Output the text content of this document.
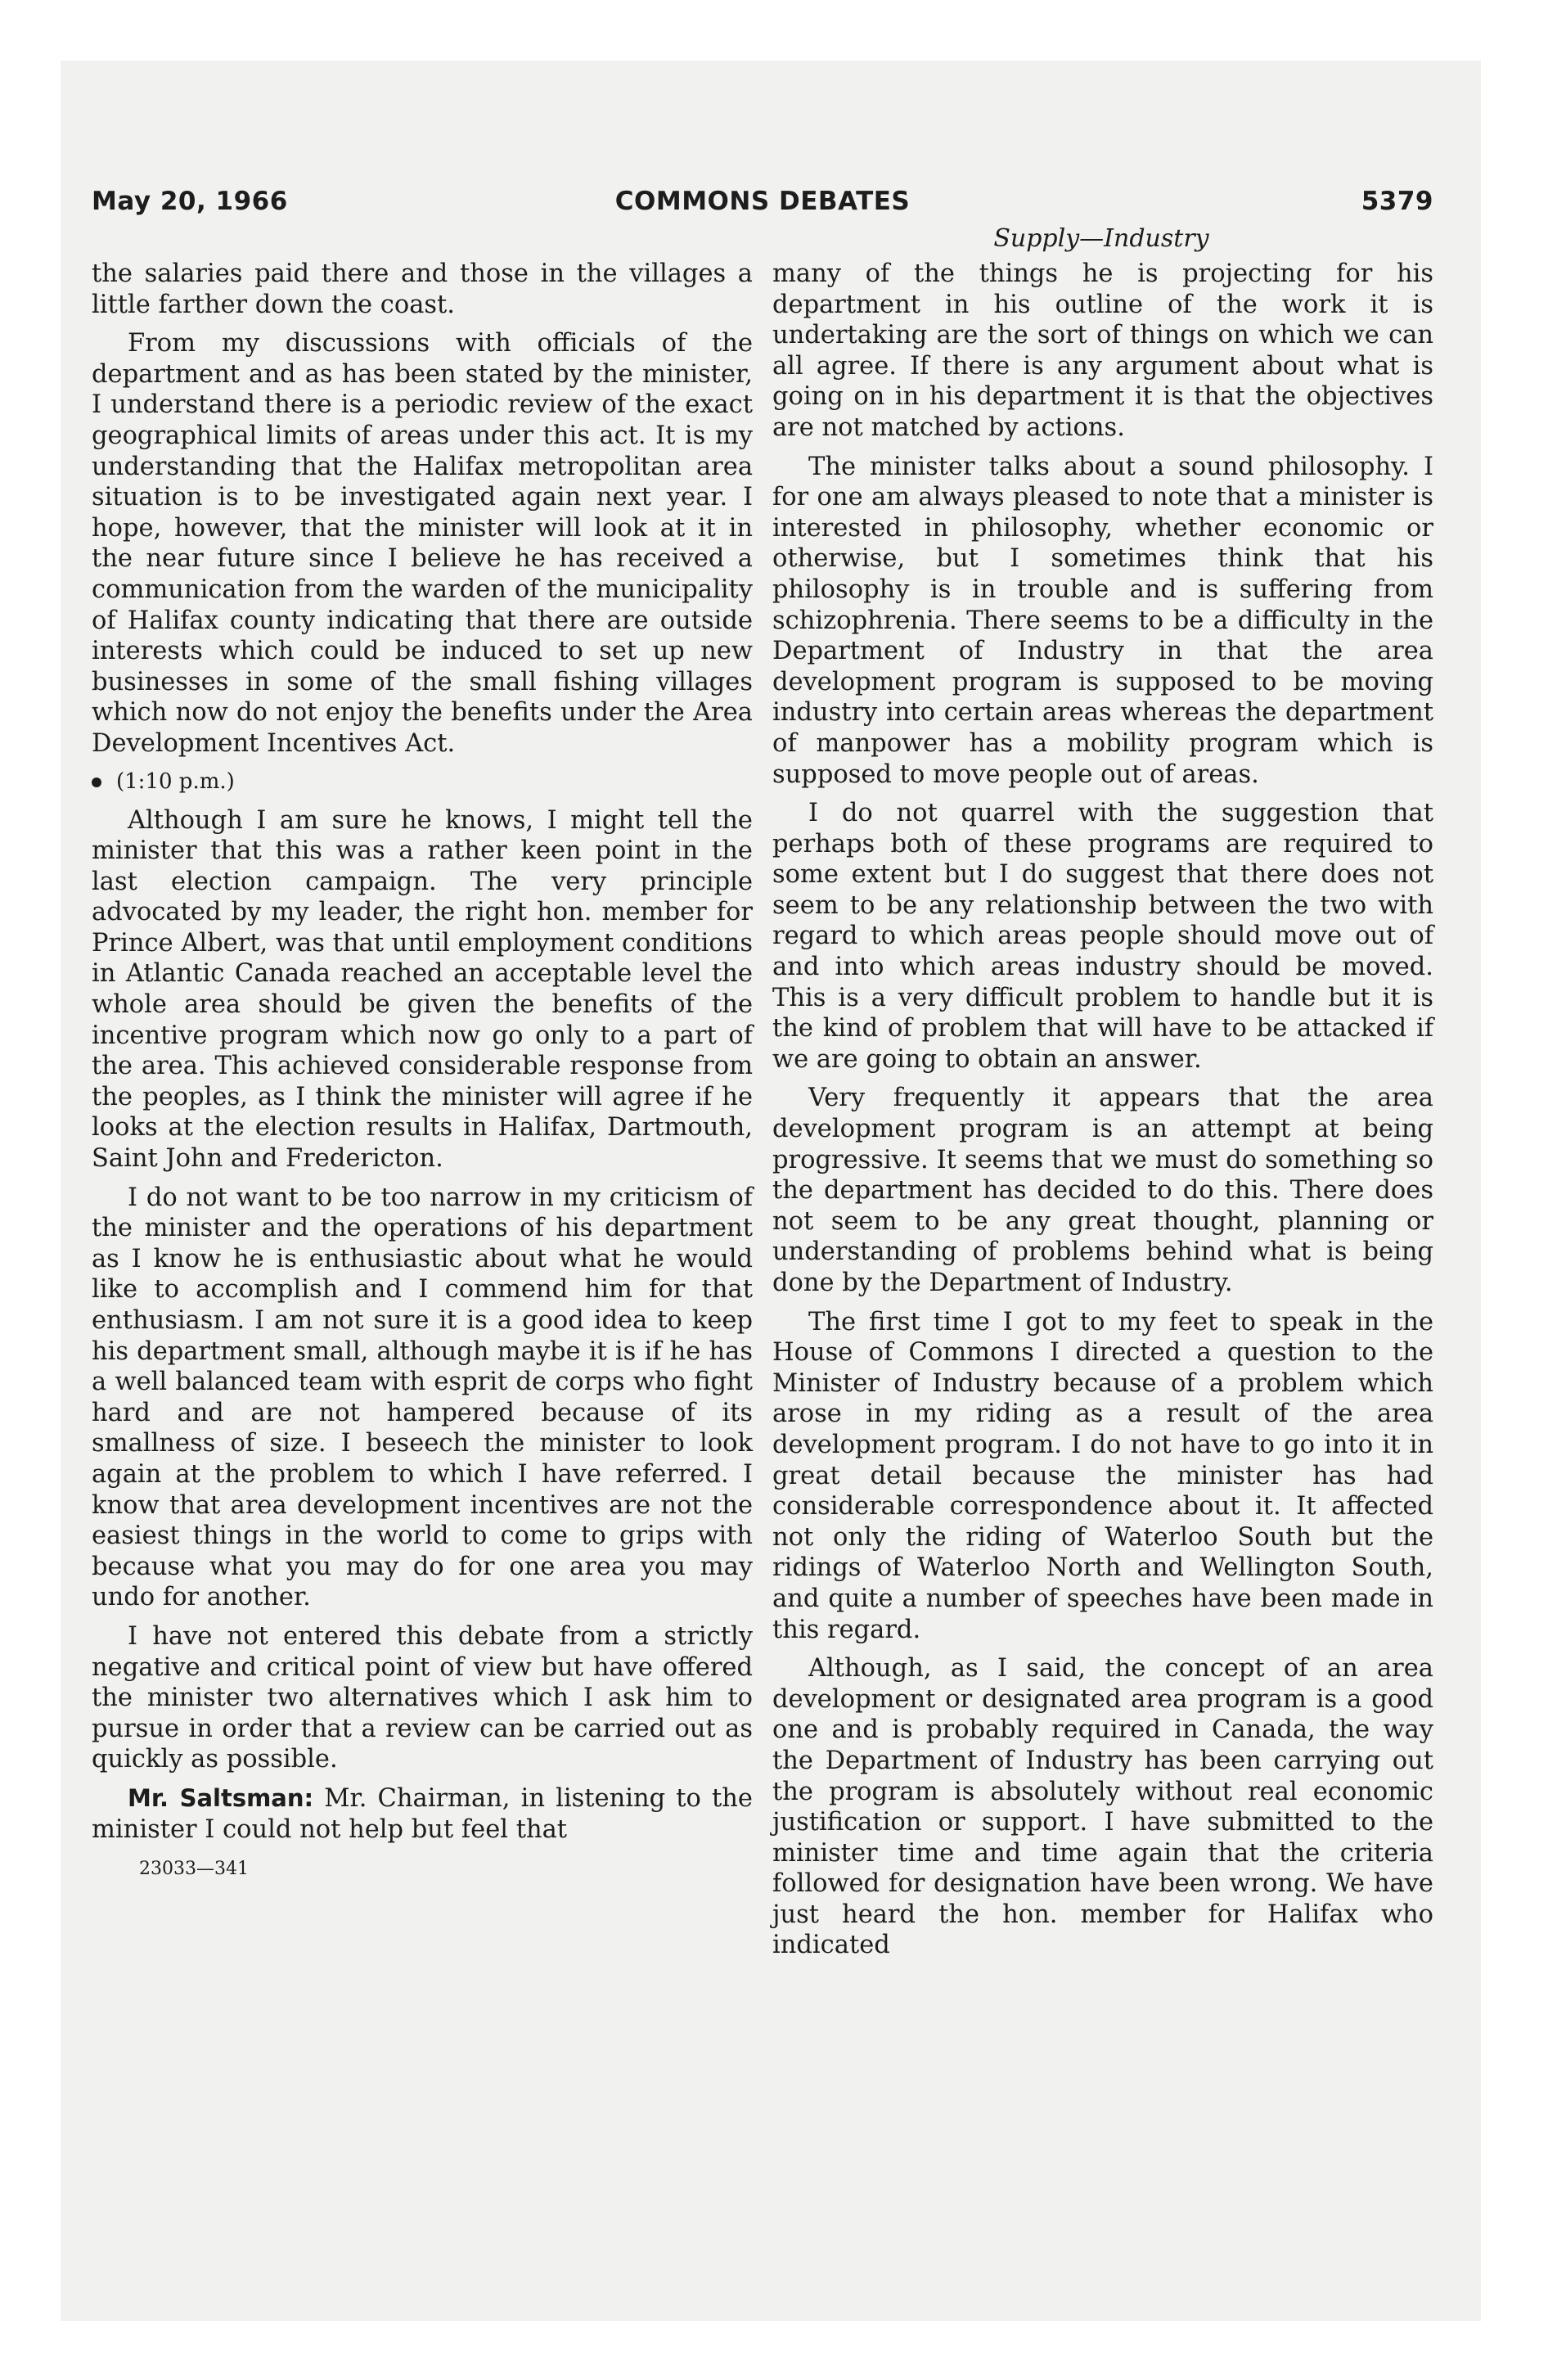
May 20, 1966	COMMONS DEBATES	5379
Supply—Industry

the salaries paid there and those in the villages a little farther down the coast.

From my discussions with officials of the department and as has been stated by the minister, I understand there is a periodic review of the exact geographical limits of areas under this act. It is my understanding that the Halifax metropolitan area situation is to be investigated again next year. I hope, however, that the minister will look at it in the near future since I believe he has received a communication from the warden of the municipality of Halifax county indicating that there are outside interests which could be induced to set up new businesses in some of the small fishing villages which now do not enjoy the benefits under the Area Development Incentives Act.

(1:10 p.m.)

Although I am sure he knows, I might tell the minister that this was a rather keen point in the last election campaign. The very principle advocated by my leader, the right hon. member for Prince Albert, was that until employment conditions in Atlantic Canada reached an acceptable level the whole area should be given the benefits of the incentive program which now go only to a part of the area. This achieved considerable response from the peoples, as I think the minister will agree if he looks at the election results in Halifax, Dartmouth, Saint John and Fredericton.

I do not want to be too narrow in my criticism of the minister and the operations of his department as I know he is enthusiastic about what he would like to accomplish and I commend him for that enthusiasm. I am not sure it is a good idea to keep his department small, although maybe it is if he has a well balanced team with esprit de corps who fight hard and are not hampered because of its smallness of size. I beseech the minister to look again at the problem to which I have referred. I know that area development incentives are not the easiest things in the world to come to grips with because what you may do for one area you may undo for another.

I have not entered this debate from a strictly negative and critical point of view but have offered the minister two alternatives which I ask him to pursue in order that a review can be carried out as quickly as possible.

Mr. Saltsman: Mr. Chairman, in listening to the minister I could not help but feel that

23033—341

many of the things he is projecting for his department in his outline of the work it is undertaking are the sort of things on which we can all agree. If there is any argument about what is going on in his department it is that the objectives are not matched by actions.

The minister talks about a sound philosophy. I for one am always pleased to note that a minister is interested in philosophy, whether economic or otherwise, but I sometimes think that his philosophy is in trouble and is suffering from schizophrenia. There seems to be a difficulty in the Department of Industry in that the area development program is supposed to be moving industry into certain areas whereas the department of manpower has a mobility program which is supposed to move people out of areas.

I do not quarrel with the suggestion that perhaps both of these programs are required to some extent but I do suggest that there does not seem to be any relationship between the two with regard to which areas people should move out of and into which areas industry should be moved. This is a very difficult problem to handle but it is the kind of problem that will have to be attacked if we are going to obtain an answer.

Very frequently it appears that the area development program is an attempt at being progressive. It seems that we must do something so the department has decided to do this. There does not seem to be any great thought, planning or understanding of problems behind what is being done by the Department of Industry.

The first time I got to my feet to speak in the House of Commons I directed a question to the Minister of Industry because of a problem which arose in my riding as a result of the area development program. I do not have to go into it in great detail because the minister has had considerable correspondence about it. It affected not only the riding of Waterloo South but the ridings of Waterloo North and Wellington South, and quite a number of speeches have been made in this regard.

Although, as I said, the concept of an area development or designated area program is a good one and is probably required in Canada, the way the Department of Industry has been carrying out the program is absolutely without real economic justification or support. I have submitted to the minister time and time again that the criteria followed for designation have been wrong. We have just heard the hon. member for Halifax who indicated
